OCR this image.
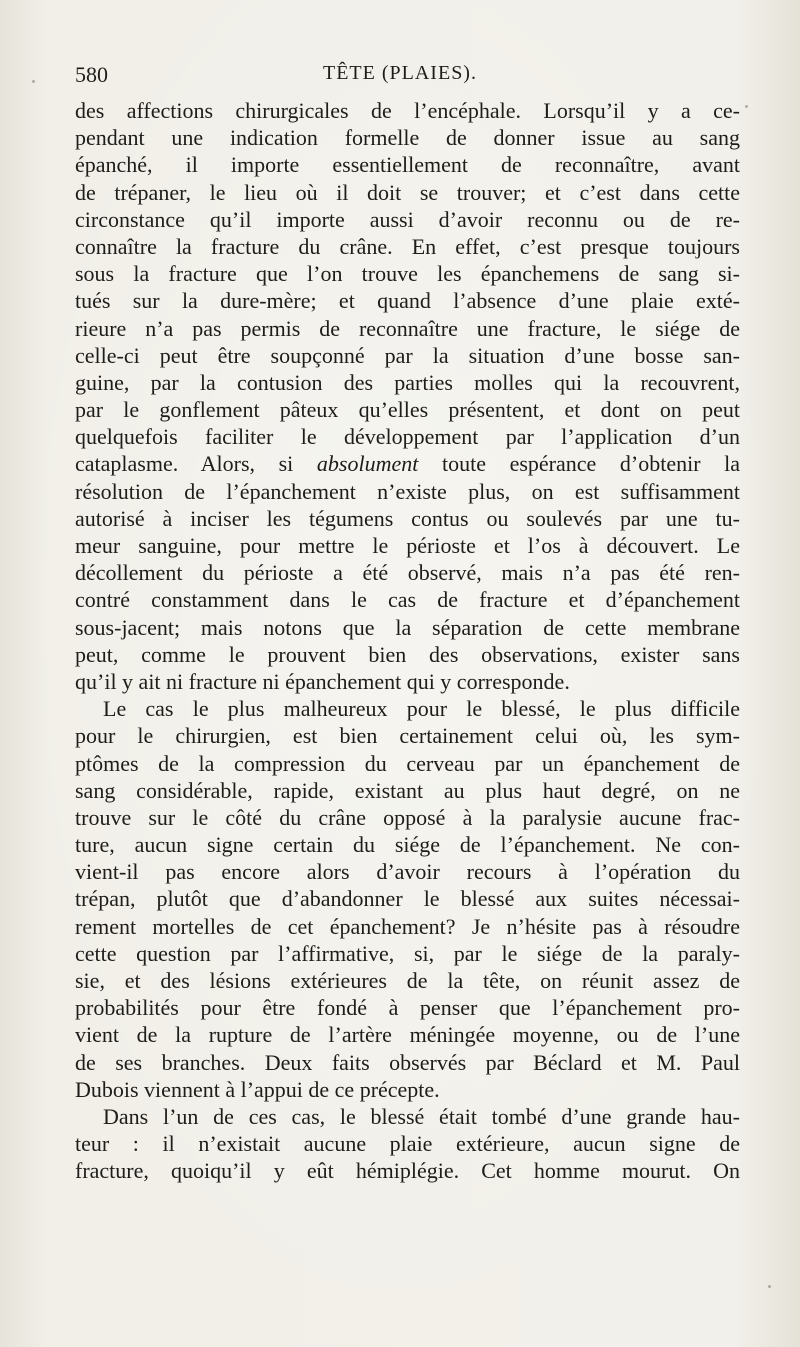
580	TÊTE (PLAIES).
des affections chirurgicales de l’encéphale. Lorsqu’il y a ce-
pendant une indication formelle de donner issue au sang
épanché, il importe essentiellement de reconnaître, avant
de trépaner, le lieu où il doit se trouver; et c’est dans cette
circonstance qu’il importe aussi d’avoir reconnu ou de re-
connaître la fracture du crâne. En effet, c’est presque toujours
sous la fracture que l’on trouve les épanchemens de sang si-
tués sur la dure-mère; et quand l’absence d’une plaie exté-
rieure n’a pas permis de reconnaître une fracture, le siége de
celle-ci peut être soupçonné par la situation d’une bosse san-
guine, par la contusion des parties molles qui la recouvrent,
par le gonflement pâteux qu’elles présentent, et dont on peut
quelquefois faciliter le développement par l’application d’un
cataplasme. Alors, si absolument toute espérance d’obtenir la
résolution de l’épanchement n’existe plus, on est suffisamment
autorisé à inciser les tégumens contus ou soulevés par une tu-
meur sanguine, pour mettre le périoste et l’os à découvert. Le
décollement du périoste a été observé, mais n’a pas été ren-
contré constamment dans le cas de fracture et d’épanchement
sous-jacent; mais notons que la séparation de cette membrane
peut, comme le prouvent bien des observations, exister sans
qu’il y ait ni fracture ni épanchement qui y corresponde.
Le cas le plus malheureux pour le blessé, le plus difficile
pour le chirurgien, est bien certainement celui où, les sym-
ptômes de la compression du cerveau par un épanchement de
sang considérable, rapide, existant au plus haut degré, on ne
trouve sur le côté du crâne opposé à la paralysie aucune frac-
ture, aucun signe certain du siége de l’épanchement. Ne con-
vient-il pas encore alors d’avoir recours à l’opération du
trépan, plutôt que d’abandonner le blessé aux suites nécessai-
rement mortelles de cet épanchement? Je n’hésite pas à résoudre
cette question par l’affirmative, si, par le siége de la paraly-
sie, et des lésions extérieures de la tête, on réunit assez de
probabilités pour être fondé à penser que l’épanchement pro-
vient de la rupture de l’artère méningée moyenne, ou de l’une
de ses branches. Deux faits observés par Béclard et M. Paul
Dubois viennent à l’appui de ce précepte.
Dans l’un de ces cas, le blessé était tombé d’une grande hau-
teur : il n’existait aucune plaie extérieure, aucun signe de
fracture, quoiqu’il y eût hémiplégie. Cet homme mourut. On
